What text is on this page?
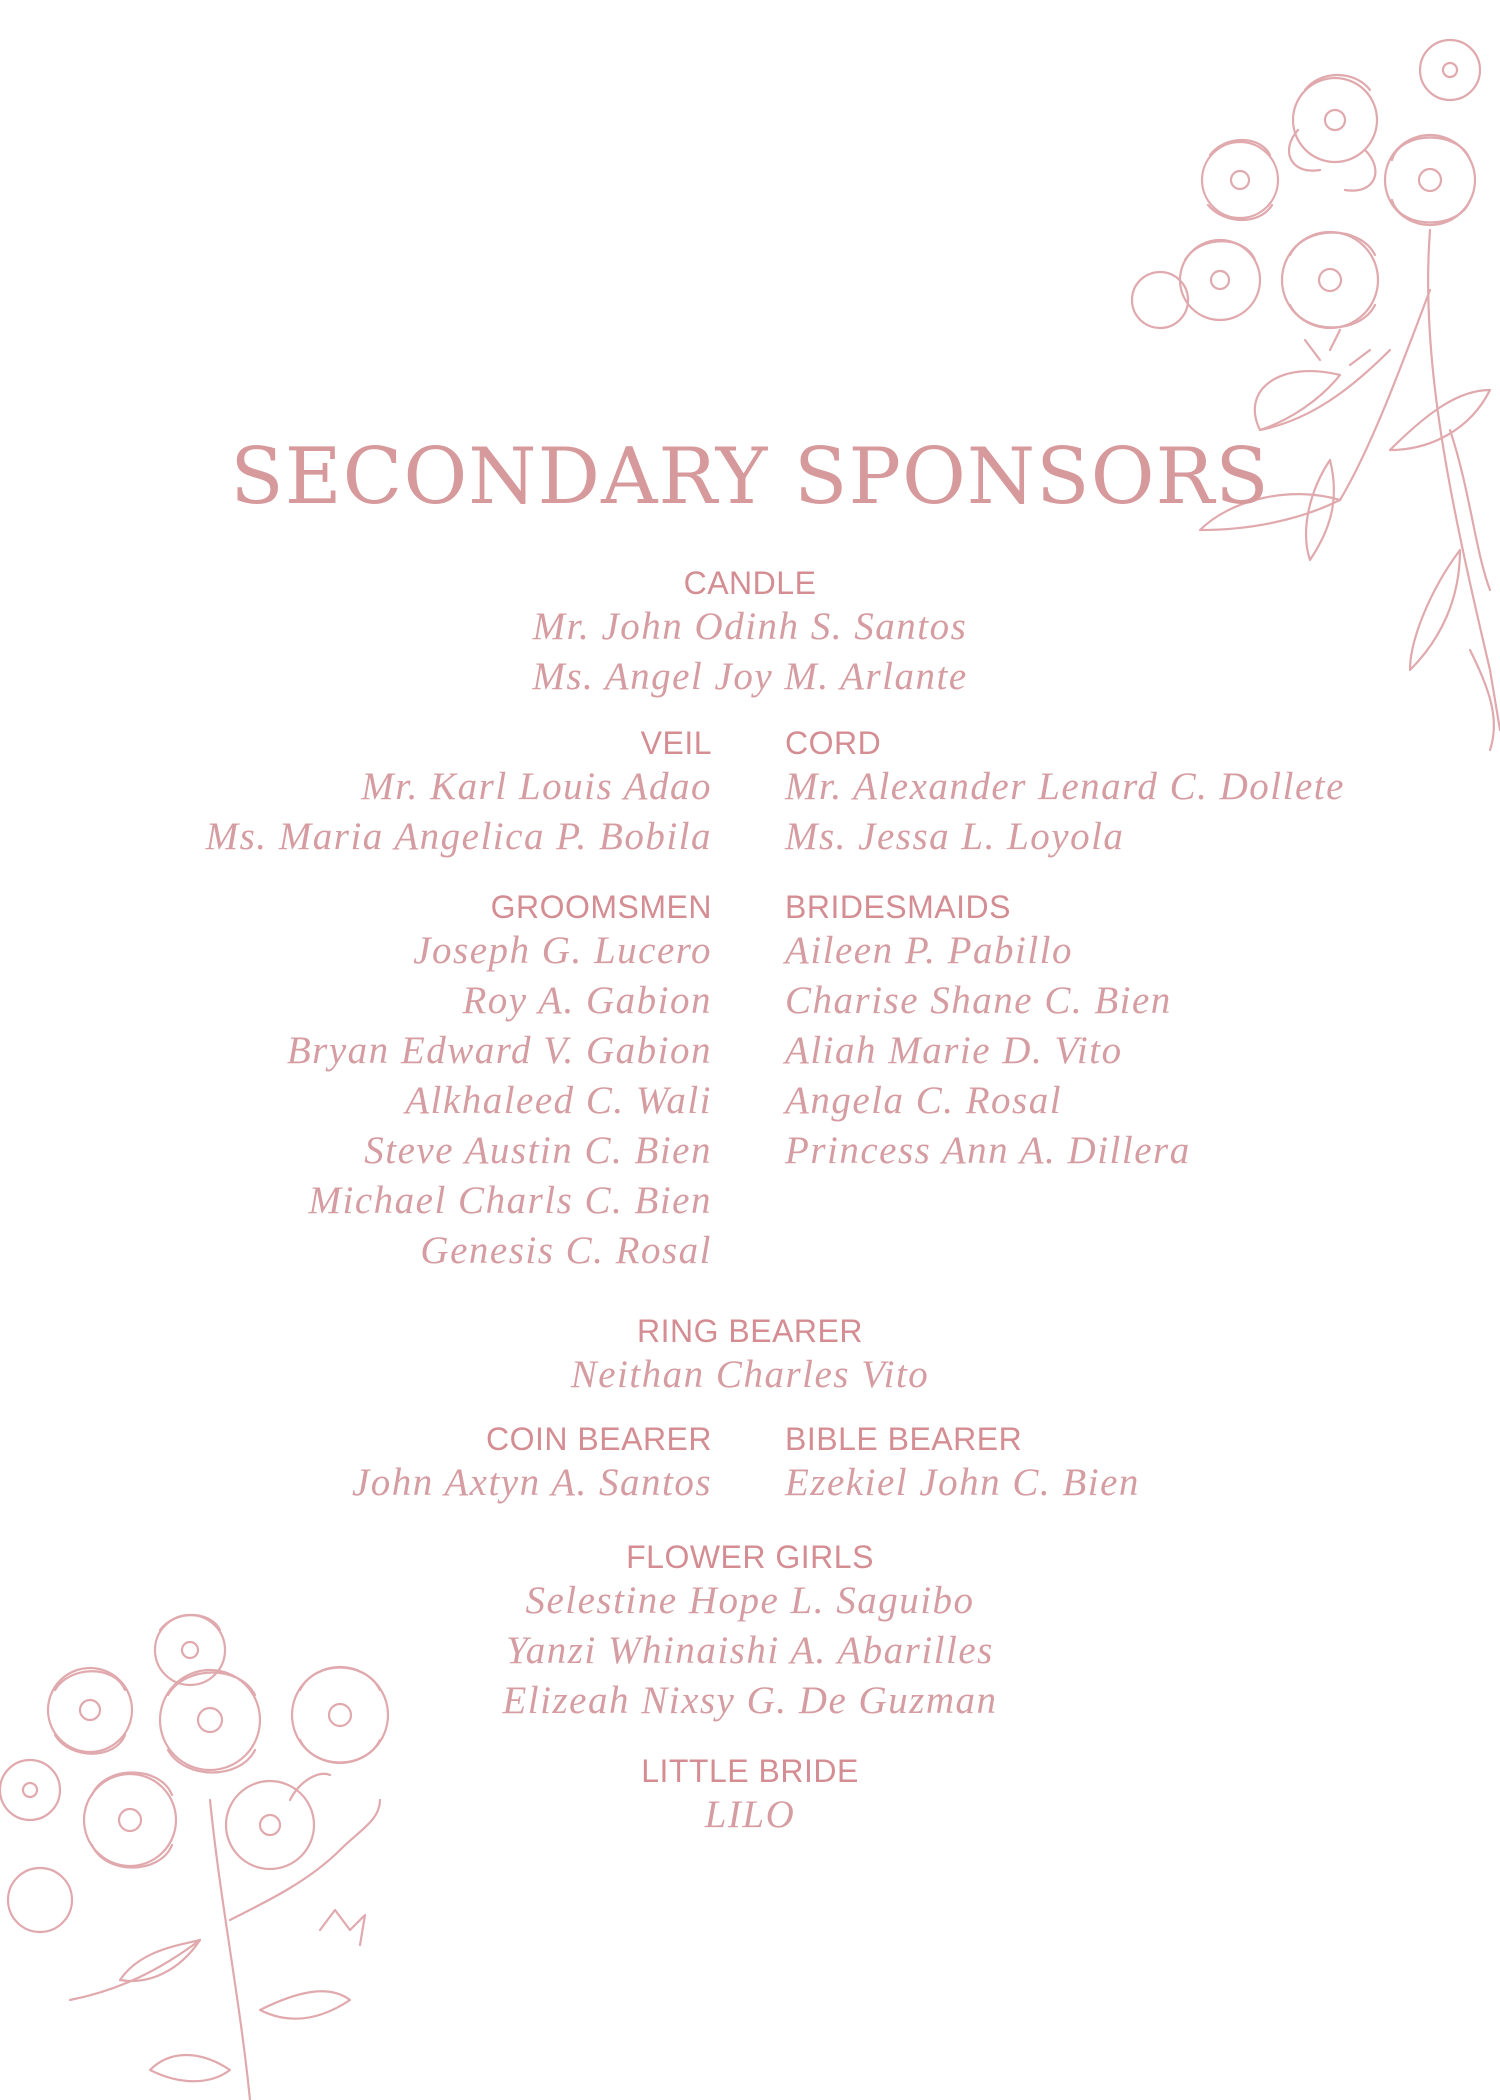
SECONDARY SPONSORS
CANDLE
Mr. John Odinh S. Santos
Ms. Angel Joy M. Arlante
VEIL
Mr. Karl Louis Adao
Ms. Maria Angelica P. Bobila
CORD
Mr. Alexander Lenard C. Dollete
Ms. Jessa L. Loyola
GROOMSMEN
Joseph G. Lucero
Roy A. Gabion
Bryan Edward V. Gabion
Alkhaleed C. Wali
Steve Austin C. Bien
Michael Charls C. Bien
Genesis C. Rosal
BRIDESMAIDS
Aileen P. Pabillo
Charise Shane C. Bien
Aliah Marie D. Vito
Angela C. Rosal
Princess Ann A. Dillera
RING BEARER
Neithan Charles Vito
COIN BEARER
John Axtyn A. Santos
BIBLE BEARER
Ezekiel John C. Bien
FLOWER GIRLS
Selestine Hope L. Saguibo
Yanzi Whinaishi A. Abarilles
Elizeah Nixsy G. De Guzman
LITTLE BRIDE
LILO
